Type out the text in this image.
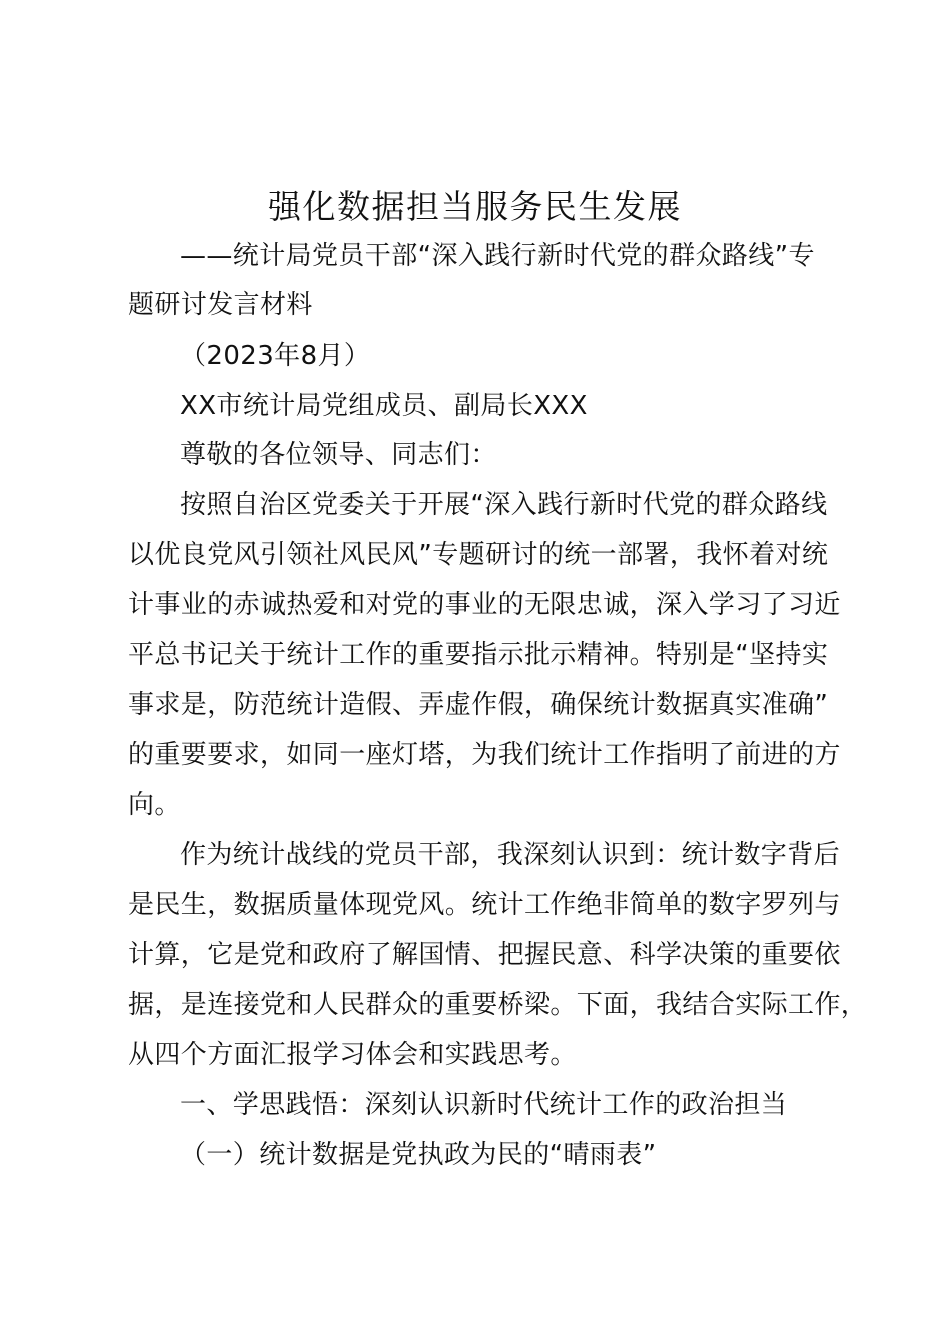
强化数据担当服务民生发展
——统计局党员干部“深入践行新时代党的群众路线”专
题研讨发言材料
（2023年8月）
XX市统计局党组成员、副局长XXX
尊敬的各位领导、同志们：
按照自治区党委关于开展“深入践行新时代党的群众路线
以优良党风引领社风民风”专题研讨的统一部署，我怀着对统
计事业的赤诚热爱和对党的事业的无限忠诚，深入学习了习近
平总书记关于统计工作的重要指示批示精神。特别是“坚持实
事求是，防范统计造假、弄虚作假，确保统计数据真实准确”
的重要要求，如同一座灯塔，为我们统计工作指明了前进的方
向。
作为统计战线的党员干部，我深刻认识到：统计数字背后
是民生，数据质量体现党风。统计工作绝非简单的数字罗列与
计算，它是党和政府了解国情、把握民意、科学决策的重要依
据，是连接党和人民群众的重要桥梁。下面，我结合实际工作，
从四个方面汇报学习体会和实践思考。
一、学思践悟：深刻认识新时代统计工作的政治担当
（一）统计数据是党执政为民的“晴雨表”
